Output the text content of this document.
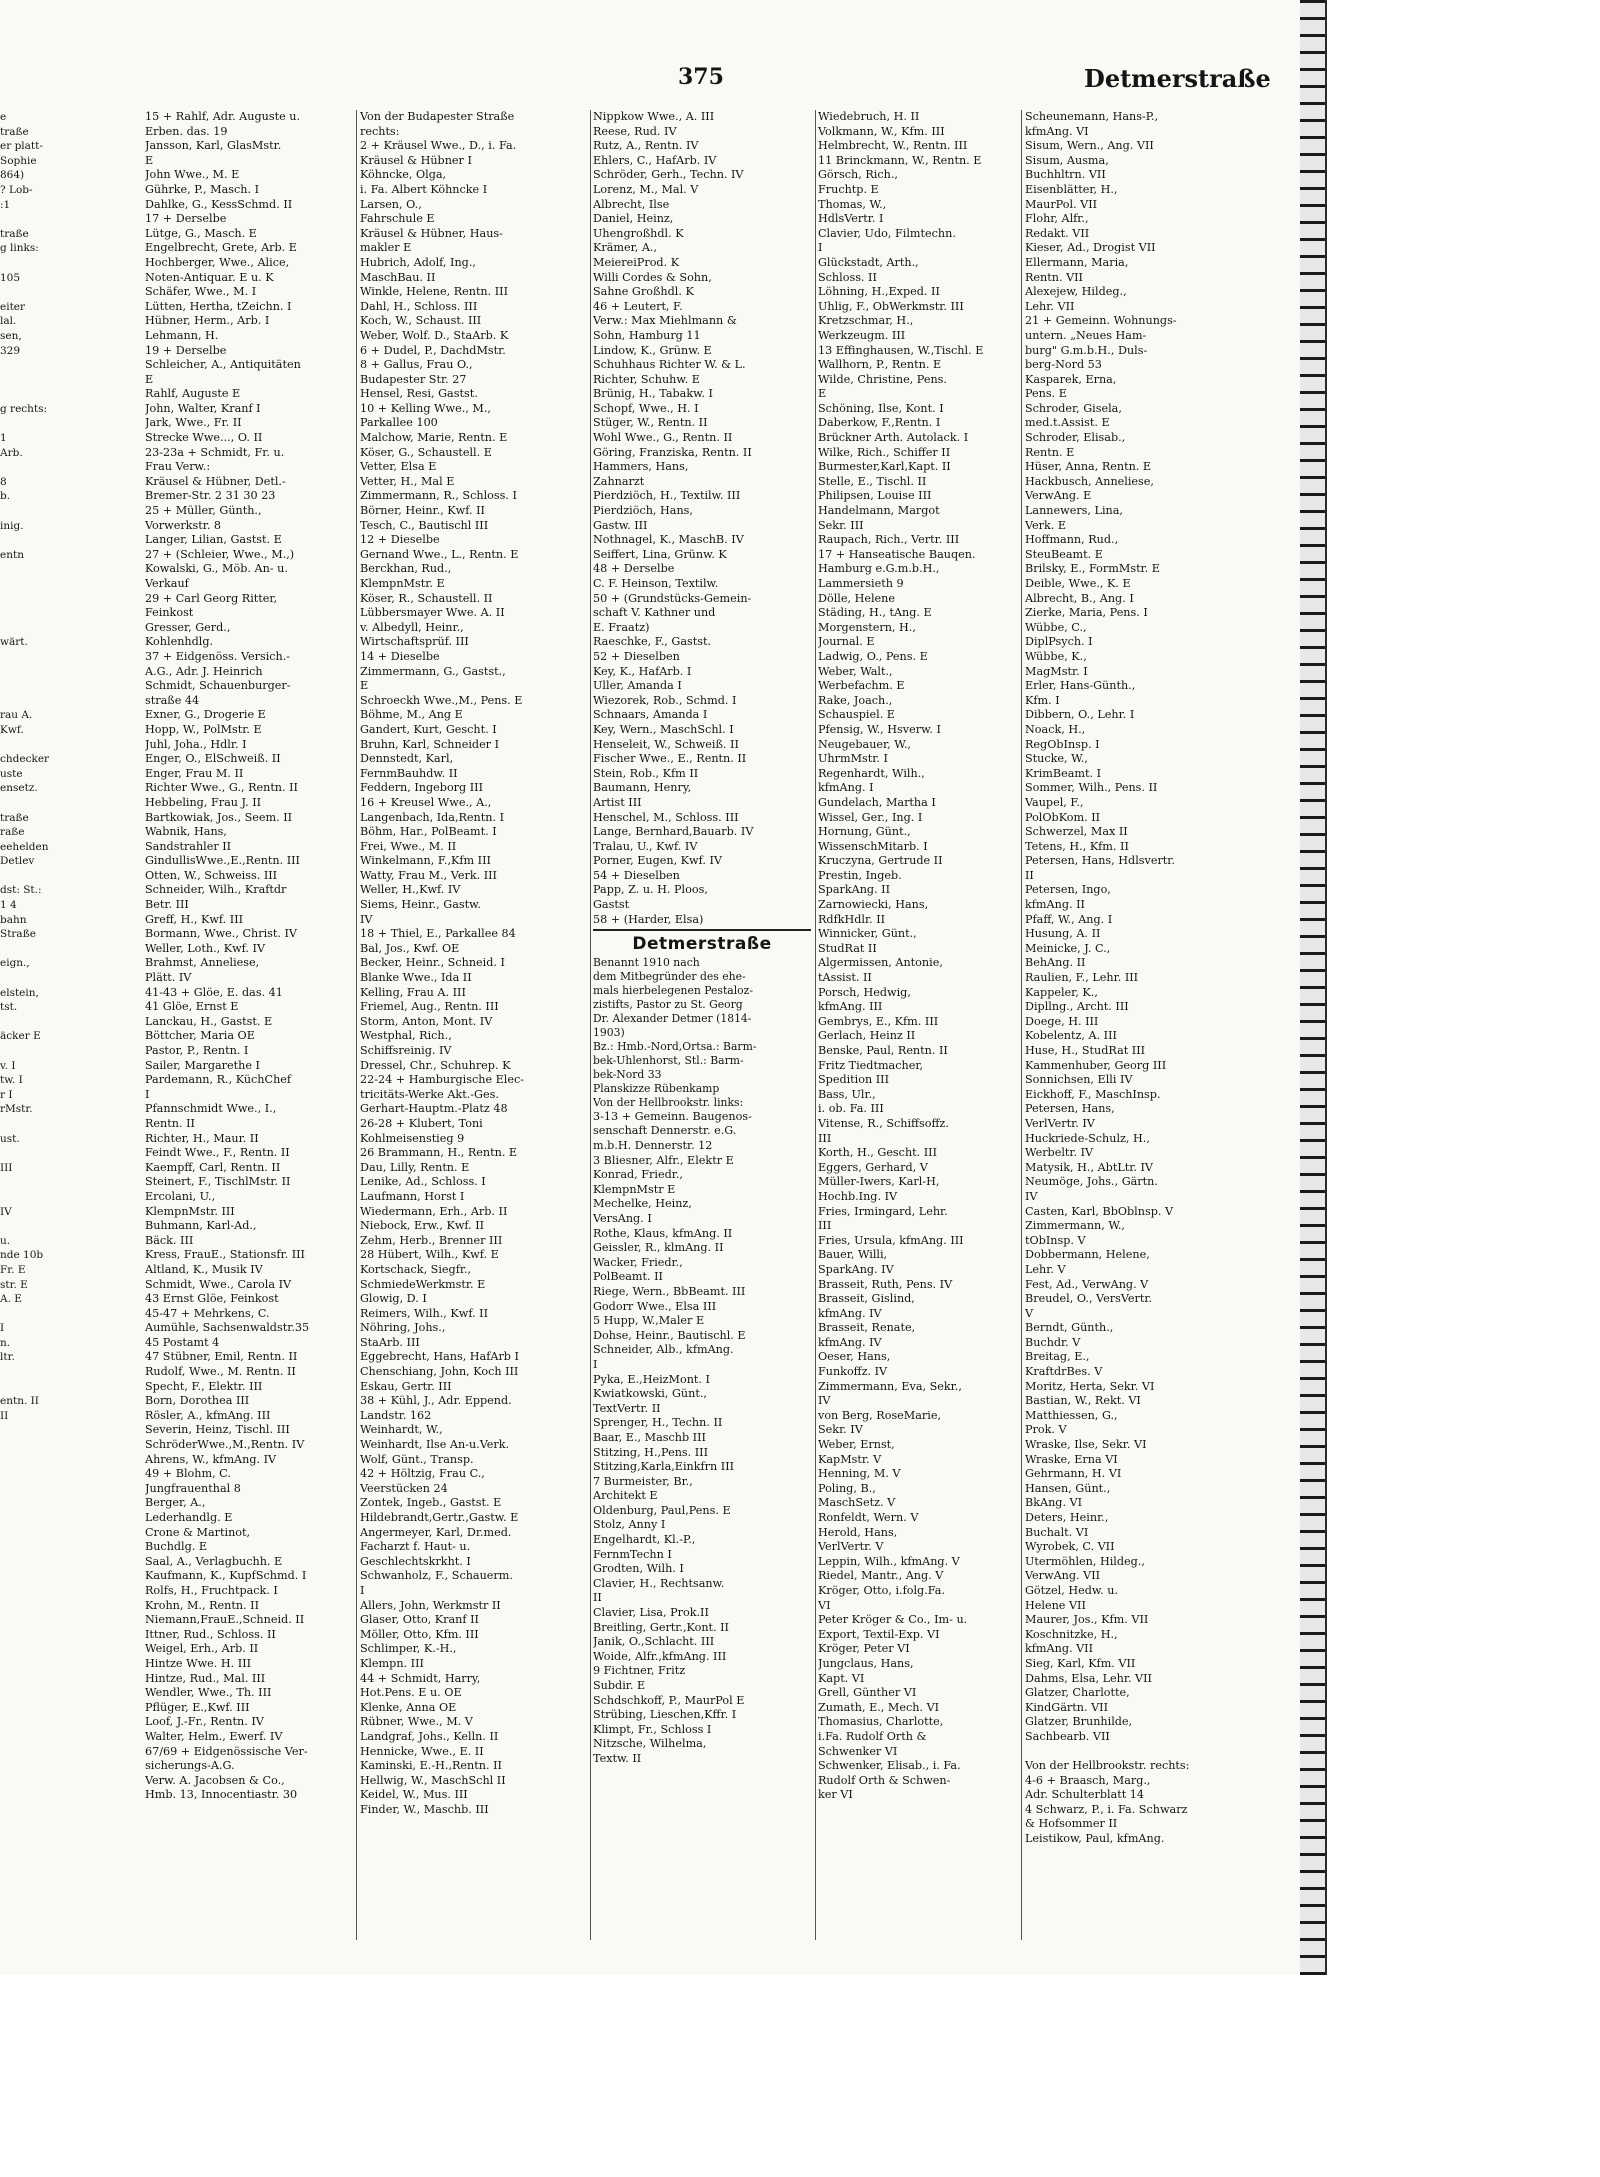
375	Detmerstraße
e
traße
er platt-
Sophie
864)
? Lob-
:1

traße
g links:

105

eiter
lal.
sen,
329

g rechts:

1
Arb.

8
b.

inig.

entn

wärt.

rau A.
Kwf.

chdecker
uste
ensetz.

traße
raße
eehelden
Detlev

dst: St.:
1 4
bahn
Straße

eign.,

elstein,
tst.

äcker E

v. I
tw. I
r I
rMstr.

ust.

III

IV

u.
nde 10b
Fr. E
str. E
A. E

I
n.
ltr.

entn. II
II
15 + Rahlf, Adr. Auguste u.
Erben. das. 19
Jansson, Karl, GlasMstr.
E
John Wwe., M. E
Gührke, P., Masch. I
Dahlke, G., KessSchmd. II
17 + Derselbe
Lütge, G., Masch. E
Engelbrecht, Grete, Arb. E
Hochberger, Wwe., Alice,
Noten-Antiquar. E u. K
Schäfer, Wwe., M. I
Lütten, Hertha, tZeichn. I
Hübner, Herm., Arb. I
Lehmann, H.
19 + Derselbe
Schleicher, A., Antiquitäten
E
Rahlf, Auguste E
John, Walter, Kranf I
Jark, Wwe., Fr. II
Strecke Wwe..., O. II
23-23a + Schmidt, Fr. u.
Frau Verw.:
Kräusel & Hübner, Detl.-
Bremer-Str. 2 31 30 23
25 + Müller, Günth.,
Vorwerkstr. 8
Langer, Lilian, Gastst. E
27 + (Schleier, Wwe., M.,)
Kowalski, G., Möb. An- u.
Verkauf
29 + Carl Georg Ritter,
Feinkost
Gresser, Gerd.,
Kohlenhdlg.
37 + Eidgenöss. Versich.-
A.G., Adr. J. Heinrich
Schmidt, Schauenburger-
straße 44
Exner, G., Drogerie E
Hopp, W., PolMstr. E
Juhl, Joha., Hdlr. I
Enger, O., ElSchweiß. II
Enger, Frau M. II
Richter Wwe., G., Rentn. II
Hebbeling, Frau J. II
Bartkowiak, Jos., Seem. II
Wabnik, Hans,
Sandstrahler II
GindullisWwe.,E.,Rentn. III
Otten, W., Schweiss. III
Schneider, Wilh., Kraftdr
Betr. III
Greff, H., Kwf. III
Bormann, Wwe., Christ. IV
Weller, Loth., Kwf. IV
Brahmst, Anneliese,
Plätt. IV
41-43 + Glöe, E. das. 41
41 Glöe, Ernst E
Lanckau, H., Gastst. E
Böttcher, Maria OE
Pastor, P., Rentn. I
Sailer, Margarethe I
Pardemann, R., KüchChef
I
Pfannschmidt Wwe., I.,
Rentn. II
Richter, H., Maur. II
Feindt Wwe., F., Rentn. II
Kaempff, Carl, Rentn. II
Steinert, F., TischlMstr. II
Ercolani, U.,
KlempnMstr. III
Buhmann, Karl-Ad.,
Bäck. III
Kress, FrauE., Stationsfr. III
Altland, K., Musik IV
Schmidt, Wwe., Carola IV
43 Ernst Glöe, Feinkost
45-47 + Mehrkens, C.
Aumühle, Sachsenwaldstr.35
45 Postamt 4
47 Stübner, Emil, Rentn. II
Rudolf, Wwe., M. Rentn. II
Specht, F., Elektr. III
Born, Dorothea III
Rösler, A., kfmAng. III
Severin, Heinz, Tischl. III
SchröderWwe.,M.,Rentn. IV
Ahrens, W., kfmAng. IV
49 + Blohm, C.
Jungfrauenthal 8
Berger, A.,
Lederhandlg. E
Crone & Martinot,
Buchdlg. E
Saal, A., Verlagbuchh. E
Kaufmann, K., KupfSchmd. I
Rolfs, H., Fruchtpack. I
Krohn, M., Rentn. II
Niemann,FrauE.,Schneid. II
Ittner, Rud., Schloss. II
Weigel, Erh., Arb. II
Hintze Wwe. H. III
Hintze, Rud., Mal. III
Wendler, Wwe., Th. III
Pflüger, E.,Kwf. III
Loof, J.-Fr., Rentn. IV
Walter, Helm., Ewerf. IV
67/69 + Eidgenössische Ver-
sicherungs-A.G.
Verw. A. Jacobsen & Co.,
Hmb. 13, Innocentiastr. 30
Von der Budapester Straße
rechts:
2 + Kräusel Wwe., D., i. Fa.
Kräusel & Hübner I
Köhncke, Olga,
i. Fa. Albert Köhncke I
Larsen, O.,
Fahrschule E
Kräusel & Hübner, Haus-
makler E
Hubrich, Adolf, Ing.,
MaschBau. II
Winkle, Helene, Rentn. III
Dahl, H., Schloss. III
Koch, W., Schaust. III
Weber, Wolf. D., StaArb. K
6 + Dudel, P., DachdMstr.
8 + Gallus, Frau O.,
Budapester Str. 27
Hensel, Resi, Gastst.
10 + Kelling Wwe., M.,
Parkallee 100
Malchow, Marie, Rentn. E
Köser, G., Schaustell. E
Vetter, Elsa E
Vetter, H., Mal E
Zimmermann, R., Schloss. I
Börner, Heinr., Kwf. II
Tesch, C., Bautischl III
12 + Dieselbe
Gernand Wwe., L., Rentn. E
Berckhan, Rud.,
KlempnMstr. E
Köser, R., Schaustell. II
Lübbersmayer Wwe. A. II
v. Albedyll, Heinr.,
Wirtschaftsprüf. III
14 + Dieselbe
Zimmermann, G., Gastst.,
E
Schroeckh Wwe.,M., Pens. E
Böhme, M., Ang E
Gandert, Kurt, Gescht. I
Bruhn, Karl, Schneider I
Dennstedt, Karl,
FernmBauhdw. II
Feddern, Ingeborg III
16 + Kreusel Wwe., A.,
Langenbach, Ida,Rentn. I
Böhm, Har., PolBeamt. I
Frei, Wwe., M. II
Winkelmann, F.,Kfm III
Watty, Frau M., Verk. III
Weller, H.,Kwf. IV
Siems, Heinr., Gastw.
IV
18 + Thiel, E., Parkallee 84
Bal, Jos., Kwf. OE
Becker, Heinr., Schneid. I
Blanke Wwe., Ida II
Kelling, Frau A. III
Friemel, Aug., Rentn. III
Storm, Anton, Mont. IV
Westphal, Rich.,
Schiffsreinig. IV
Dressel, Chr., Schuhrep. K
22-24 + Hamburgische Elec-
tricitäts-Werke Akt.-Ges.
Gerhart-Hauptm.-Platz 48
26-28 + Klubert, Toni
Kohlmeisenstieg 9
26 Brammann, H., Rentn. E
Dau, Lilly, Rentn. E
Lenike, Ad., Schloss. I
Laufmann, Horst I
Wiedermann, Erh., Arb. II
Niebock, Erw., Kwf. II
Zehm, Herb., Brenner III
28 Hübert, Wilh., Kwf. E
Kortschack, Siegfr.,
SchmiedeWerkmstr. E
Glowig, D. I
Reimers, Wilh., Kwf. II
Nöhring, Johs.,
StaArb. III
Eggebrecht, Hans, HafArb I
Chenschiang, John, Koch III
Eskau, Gertr. III
38 + Kühl, J., Adr. Eppend.
Landstr. 162
Weinhardt, W.,
Weinhardt, Ilse An-u.Verk.
Wolf, Günt., Transp.
42 + Höltzig, Frau C.,
Veerstücken 24
Zontek, Ingeb., Gastst. E
Hildebrandt,Gertr.,Gastw. E
Angermeyer, Karl, Dr.med.
Facharzt f. Haut- u.
Geschlechtskrkht. I
Schwanholz, F., Schauerm.
I
Allers, John, Werkmstr II
Glaser, Otto, Kranf II
Möller, Otto, Kfm. III
Schlimper, K.-H.,
Klempn. III
44 + Schmidt, Harry,
Hot.Pens. E u. OE
Klenke, Anna OE
Rübner, Wwe., M. V
Landgraf, Johs., Kelln. II
Hennicke, Wwe., E. II
Kaminski, E.-H.,Rentn. II
Hellwig, W., MaschSchl II
Keidel, W., Mus. III
Finder, W., Maschb. III
Nippkow Wwe., A. III
Reese, Rud. IV
Rutz, A., Rentn. IV
Ehlers, C., HafArb. IV
Schröder, Gerh., Techn. IV
Lorenz, M., Mal. V
Albrecht, Ilse
Daniel, Heinz,
Uhengroßhdl. K
Krämer, A.,
MeiereiProd. K
Willi Cordes & Sohn,
Sahne Großhdl. K
46 + Leutert, F.
Verw.: Max Miehlmann &
Sohn, Hamburg 11
Lindow, K., Grünw. E
Schuhhaus Richter W. & L.
Richter, Schuhw. E
Brünig, H., Tabakw. I
Schopf, Wwe., H. I
Stüger, W., Rentn. II
Wohl Wwe., G., Rentn. II
Göring, Franziska, Rentn. II
Hammers, Hans,
Zahnarzt
Pierdziöch, H., Textilw. III
Pierdziöch, Hans,
Gastw. III
Nothnagel, K., MaschB. IV
Seiffert, Lina, Grünw. K
48 + Derselbe
C. F. Heinson, Textilw.
50 + (Grundstücks-Gemein-
schaft V. Kathner und
E. Fraatz)
Raeschke, F., Gastst.
52 + Dieselben
Key, K., HafArb. I
Uller, Amanda I
Wiezorek, Rob., Schmd. I
Schnaars, Amanda I
Key, Wern., MaschSchl. I
Henseleit, W., Schweiß. II
Fischer Wwe., E., Rentn. II
Stein, Rob., Kfm II
Baumann, Henry,
Artist III
Henschel, M., Schloss. III
Lange, Bernhard,Bauarb. IV
Tralau, U., Kwf. IV
Porner, Eugen, Kwf. IV
54 + Dieselben
Papp, Z. u. H. Ploos,
Gastst
58 + (Harder, Elsa)
Detmerstraße
Benannt 1910 nach
dem Mitbegründer des ehe-
mals hierbelegenen Pestaloz-
zistifts, Pastor zu St. Georg
Dr. Alexander Detmer (1814-
1903)
Bz.: Hmb.-Nord,Ortsa.: Barm-
bek-Uhlenhorst, Stl.: Barm-
bek-Nord 33
Planskizze Rübenkamp
Von der Hellbrookstr. links:
3-13 + Gemeinn. Baugenos-
senschaft Dennerstr. e.G.
m.b.H. Dennerstr. 12
3 Bliesner, Alfr., Elektr E
Konrad, Friedr.,
KlempnMstr E
Mechelke, Heinz,
VersAng. I
Rothe, Klaus, kfmAng. II
Geissler, R., klmAng. II
Wacker, Friedr.,
PolBeamt. II
Riege, Wern., BbBeamt. III
Godorr Wwe., Elsa III
5 Hupp, W.,Maler E
Dohse, Heinr., Bautischl. E
Schneider, Alb., kfmAng.
I
Pyka, E.,HeizMont. I
Kwiatkowski, Günt.,
TextVertr. II
Sprenger, H., Techn. II
Baar, E., Maschb III
Stitzing, H.,Pens. III
Stitzing,Karla,Einkfrn III
7 Burmeister, Br.,
Architekt E
Oldenburg, Paul,Pens. E
Stolz, Anny I
Engelhardt, Kl.-P.,
FernmTechn I
Grodten, Wilh. I
Clavier, H., Rechtsanw.
II
Clavier, Lisa, Prok.II
Breitling, Gertr.,Kont. II
Janik, O.,Schlacht. III
Woide, Alfr.,kfmAng. III
9 Fichtner, Fritz
Subdir. E
Schdschkoff, P., MaurPol E
Strübing, Lieschen,Kffr. I
Klimpt, Fr., Schloss I
Nitzsche, Wilhelma,
Textw. II
Wiedebruch, H. II
Volkmann, W., Kfm. III
Helmbrecht, W., Rentn. III
11 Brinckmann, W., Rentn. E
Görsch, Rich.,
Fruchtp. E
Thomas, W.,
HdlsVertr. I
Clavier, Udo, Filmtechn.
I
Glückstadt, Arth.,
Schloss. II
Löhning, H.,Exped. II
Uhlig, F., ObWerkmstr. III
Kretzschmar, H.,
Werkzeugm. III
13 Effinghausen, W.,Tischl. E
Wallhorn, P., Rentn. E
Wilde, Christine, Pens.
E
Schöning, Ilse, Kont. I
Daberkow, F.,Rentn. I
Brückner Arth. Autolack. I
Wilke, Rich., Schiffer II
Burmester,Karl,Kapt. II
Stelle, E., Tischl. II
Philipsen, Louise III
Handelmann, Margot
Sekr. III
Raupach, Rich., Vertr. III
17 + Hanseatische Bauqen.
Hamburg e.G.m.b.H.,
Lammersieth 9
Dölle, Helene
Städing, H., tAng. E
Morgenstern, H.,
Journal. E
Ladwig, O., Pens. E
Weber, Walt.,
Werbefachm. E
Rake, Joach.,
Schauspiel. E
Pfensig, W., Hsverw. I
Neugebauer, W.,
UhrmMstr. I
Regenhardt, Wilh.,
kfmAng. I
Gundelach, Martha I
Wissel, Ger., Ing. I
Hornung, Günt.,
WissenschMitarb. I
Kruczyna, Gertrude II
Prestin, Ingeb.
SparkAng. II
Zarnowiecki, Hans,
RdfkHdlr. II
Winnicker, Günt.,
StudRat II
Algermissen, Antonie,
tAssist. II
Porsch, Hedwig,
kfmAng. III
Gembrys, E., Kfm. III
Gerlach, Heinz II
Benske, Paul, Rentn. II
Fritz Tiedtmacher,
Spedition III
Bass, Ulr.,
i. ob. Fa. III
Vitense, R., Schiffsoffz.
III
Korth, H., Gescht. III
Eggers, Gerhard, V
Müller-Iwers, Karl-H,
Hochb.Ing. IV
Fries, Irmingard, Lehr.
III
Fries, Ursula, kfmAng. III
Bauer, Willi,
SparkAng. IV
Brasseit, Ruth, Pens. IV
Brasseit, Gislind,
kfmAng. IV
Brasseit, Renate,
kfmAng. IV
Oeser, Hans,
Funkoffz. IV
Zimmermann, Eva, Sekr.,
IV
von Berg, RoseMarie,
Sekr. IV
Weber, Ernst,
KapMstr. V
Henning, M. V
Poling, B.,
MaschSetz. V
Ronfeldt, Wern. V
Herold, Hans,
VerlVertr. V
Leppin, Wilh., kfmAng. V
Riedel, Mantr., Ang. V
Kröger, Otto, i.folg.Fa.
VI
Peter Kröger & Co., Im- u.
Export, Textil-Exp. VI
Kröger, Peter VI
Jungclaus, Hans,
Kapt. VI
Grell, Günther VI
Zumath, E., Mech. VI
Thomasius, Charlotte,
i.Fa. Rudolf Orth &
Schwenker VI
Schwenker, Elisab., i. Fa.
Rudolf Orth & Schwen-
ker VI
Scheunemann, Hans-P.,
kfmAng. VI
Sisum, Wern., Ang. VII
Sisum, Ausma,
Buchhltrn. VII
Eisenblätter, H.,
MaurPol. VII
Flohr, Alfr.,
Redakt. VII
Kieser, Ad., Drogist VII
Ellermann, Maria,
Rentn. VII
Alexejew, Hildeg.,
Lehr. VII
21 + Gemeinn. Wohnungs-
untern. „Neues Ham-
burg" G.m.b.H., Duls-
berg-Nord 53
Kasparek, Erna,
Pens. E
Schroder, Gisela,
med.t.Assist. E
Schroder, Elisab.,
Rentn. E
Hüser, Anna, Rentn. E
Hackbusch, Anneliese,
VerwAng. E
Lannewers, Lina,
Verk. E
Hoffmann, Rud.,
SteuBeamt. E
Brilsky, E., FormMstr. E
Deible, Wwe., K. E
Albrecht, B., Ang. I
Zierke, Maria, Pens. I
Wübbe, C.,
DiplPsych. I
Wübbe, K.,
MagMstr. I
Erler, Hans-Günth.,
Kfm. I
Dibbern, O., Lehr. I
Noack, H.,
RegObInsp. I
Stucke, W.,
KrimBeamt. I
Sommer, Wilh., Pens. II
Vaupel, F.,
PolObKom. II
Schwerzel, Max II
Tetens, H., Kfm. II
Petersen, Hans, Hdlsvertr.
II
Petersen, Ingo,
kfmAng. II
Pfaff, W., Ang. I
Husung, A. II
Meinicke, J. C.,
BehAng. II
Raulien, F., Lehr. III
Kappeler, K.,
Dipllng., Archt. III
Doege, H. III
Kobelentz, A. III
Huse, H., StudRat III
Kammenhuber, Georg III
Sonnichsen, Elli IV
Eickhoff, F., MaschInsp.
Petersen, Hans,
VerlVertr. IV
Huckriede-Schulz, H.,
Werbeltr. IV
Matysik, H., AbtLtr. IV
Neumöge, Johs., Gärtn.
IV
Casten, Karl, BbOblnsp. V
Zimmermann, W.,
tObInsp. V
Dobbermann, Helene,
Lehr. V
Fest, Ad., VerwAng. V
Breudel, O., VersVertr.
V
Berndt, Günth.,
Buchdr. V
Breitag, E.,
KraftdrBes. V
Moritz, Herta, Sekr. VI
Bastian, W., Rekt. VI
Matthiessen, G.,
Prok. V
Wraske, Ilse, Sekr. VI
Wraske, Erna VI
Gehrmann, H. VI
Hansen, Günt.,
BkAng. VI
Deters, Heinr.,
Buchalt. VI
Wyrobek, C. VII
Utermöhlen, Hildeg.,
VerwAng. VII
Götzel, Hedw. u.
Helene VII
Maurer, Jos., Kfm. VII
Koschnitzke, H.,
kfmAng. VII
Sieg, Karl, Kfm. VII
Dahms, Elsa, Lehr. VII
Glatzer, Charlotte,
KindGärtn. VII
Glatzer, Brunhilde,
Sachbearb. VII

Von der Hellbrookstr. rechts:
4-6 + Braasch, Marg.,
Adr. Schulterblatt 14
4 Schwarz, P., i. Fa. Schwarz
& Hofsommer II
Leistikow, Paul, kfmAng.
